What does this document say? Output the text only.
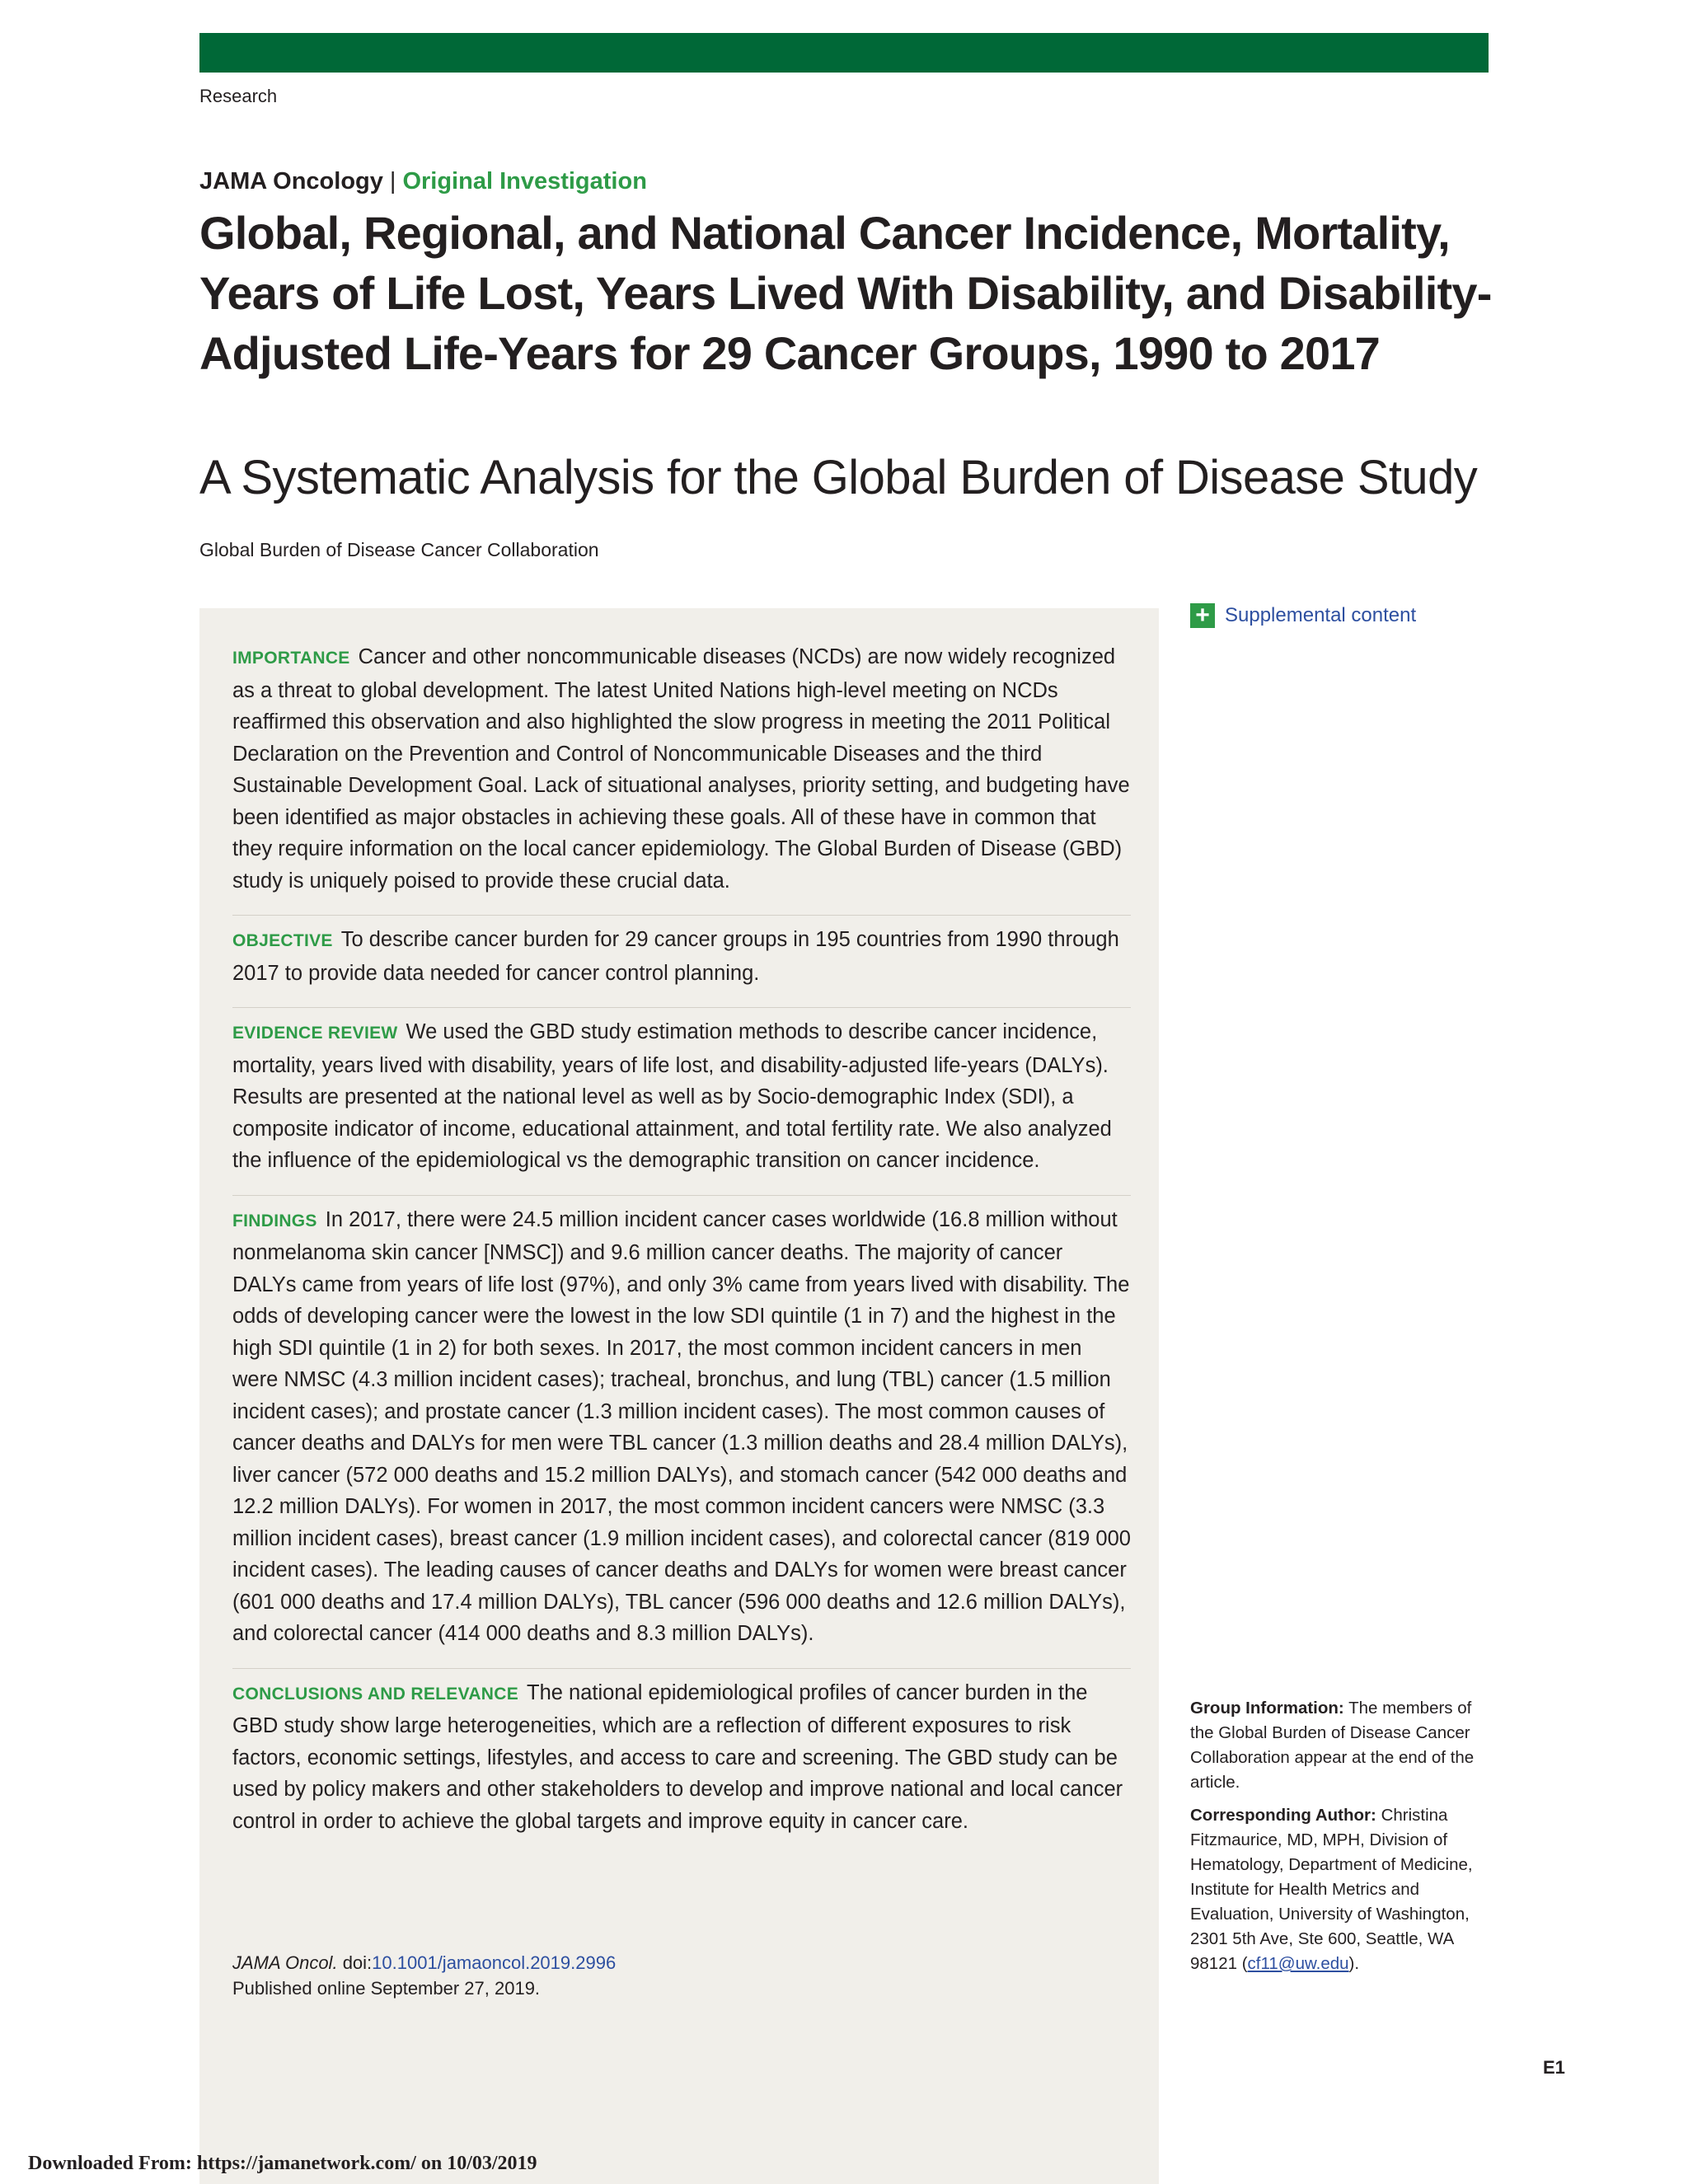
Research
JAMA Oncology | Original Investigation
Global, Regional, and National Cancer Incidence, Mortality, Years of Life Lost, Years Lived With Disability, and Disability-Adjusted Life-Years for 29 Cancer Groups, 1990 to 2017
A Systematic Analysis for the Global Burden of Disease Study
Global Burden of Disease Cancer Collaboration
IMPORTANCE Cancer and other noncommunicable diseases (NCDs) are now widely recognized as a threat to global development. The latest United Nations high-level meeting on NCDs reaffirmed this observation and also highlighted the slow progress in meeting the 2011 Political Declaration on the Prevention and Control of Noncommunicable Diseases and the third Sustainable Development Goal. Lack of situational analyses, priority setting, and budgeting have been identified as major obstacles in achieving these goals. All of these have in common that they require information on the local cancer epidemiology. The Global Burden of Disease (GBD) study is uniquely poised to provide these crucial data.
OBJECTIVE To describe cancer burden for 29 cancer groups in 195 countries from 1990 through 2017 to provide data needed for cancer control planning.
EVIDENCE REVIEW We used the GBD study estimation methods to describe cancer incidence, mortality, years lived with disability, years of life lost, and disability-adjusted life-years (DALYs). Results are presented at the national level as well as by Socio-demographic Index (SDI), a composite indicator of income, educational attainment, and total fertility rate. We also analyzed the influence of the epidemiological vs the demographic transition on cancer incidence.
FINDINGS In 2017, there were 24.5 million incident cancer cases worldwide (16.8 million without nonmelanoma skin cancer [NMSC]) and 9.6 million cancer deaths. The majority of cancer DALYs came from years of life lost (97%), and only 3% came from years lived with disability. The odds of developing cancer were the lowest in the low SDI quintile (1 in 7) and the highest in the high SDI quintile (1 in 2) for both sexes. In 2017, the most common incident cancers in men were NMSC (4.3 million incident cases); tracheal, bronchus, and lung (TBL) cancer (1.5 million incident cases); and prostate cancer (1.3 million incident cases). The most common causes of cancer deaths and DALYs for men were TBL cancer (1.3 million deaths and 28.4 million DALYs), liver cancer (572 000 deaths and 15.2 million DALYs), and stomach cancer (542 000 deaths and 12.2 million DALYs). For women in 2017, the most common incident cancers were NMSC (3.3 million incident cases), breast cancer (1.9 million incident cases), and colorectal cancer (819 000 incident cases). The leading causes of cancer deaths and DALYs for women were breast cancer (601 000 deaths and 17.4 million DALYs), TBL cancer (596 000 deaths and 12.6 million DALYs), and colorectal cancer (414 000 deaths and 8.3 million DALYs).
CONCLUSIONS AND RELEVANCE The national epidemiological profiles of cancer burden in the GBD study show large heterogeneities, which are a reflection of different exposures to risk factors, economic settings, lifestyles, and access to care and screening. The GBD study can be used by policy makers and other stakeholders to develop and improve national and local cancer control in order to achieve the global targets and improve equity in cancer care.
JAMA Oncol. doi:10.1001/jamaoncol.2019.2996
Published online September 27, 2019.
+ Supplemental content

Group Information: The members of the Global Burden of Disease Cancer Collaboration appear at the end of the article.

Corresponding Author: Christina Fitzmaurice, MD, MPH, Division of Hematology, Department of Medicine, Institute for Health Metrics and Evaluation, University of Washington, 2301 5th Ave, Ste 600, Seattle, WA 98121 (cf11@uw.edu).

E1
Downloaded From: https://jamanetwork.com/ on 10/03/2019
